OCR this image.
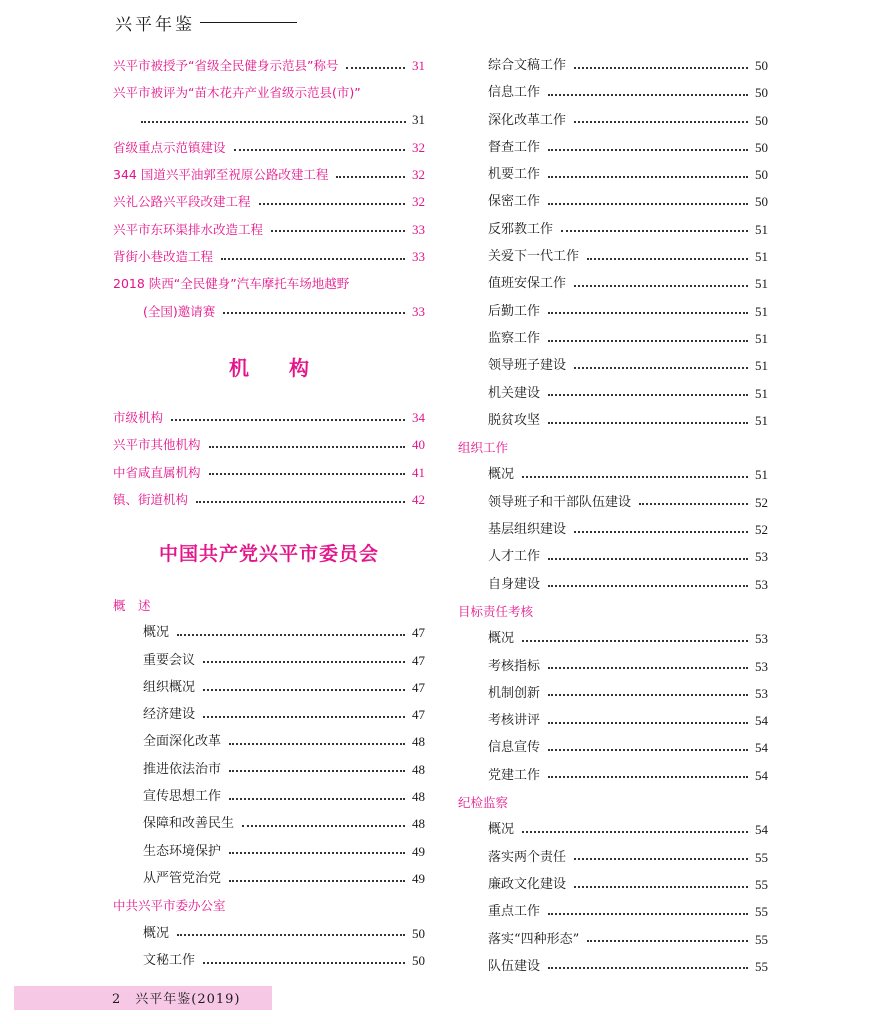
兴平年鉴
兴平市被授予“省级全民健身示范县”称号	31
兴平市被评为“苗木花卉产业省级示范县(市)”
31
省级重点示范镇建设	32
344 国道兴平油郭至祝原公路改建工程	32
兴礼公路兴平段改建工程	32
兴平市东环渠排水改造工程	33
背街小巷改造工程	33
2018 陕西“全民健身”汽车摩托车场地越野
(全国)邀请赛	33
机构
市级机构	34
兴平市其他机构	40
中省咸直属机构	41
镇、街道机构	42
中国共产党兴平市委员会
概　述
概况	47
重要会议	47
组织概况	47
经济建设	47
全面深化改革	48
推进依法治市	48
宣传思想工作	48
保障和改善民生	48
生态环境保护	49
从严管党治党	49
中共兴平市委办公室
概况	50
文秘工作	50
综合文稿工作	50
信息工作	50
深化改革工作	50
督查工作	50
机要工作	50
保密工作	50
反邪教工作	51
关爱下一代工作	51
值班安保工作	51
后勤工作	51
监察工作	51
领导班子建设	51
机关建设	51
脱贫攻坚	51
组织工作
概况	51
领导班子和干部队伍建设	52
基层组织建设	52
人才工作	53
自身建设	53
目标责任考核
概况	53
考核指标	53
机制创新	53
考核讲评	54
信息宣传	54
党建工作	54
纪检监察
概况	54
落实两个责任	55
廉政文化建设	55
重点工作	55
落实“四种形态”	55
队伍建设	55
2　兴平年鉴(2019)
